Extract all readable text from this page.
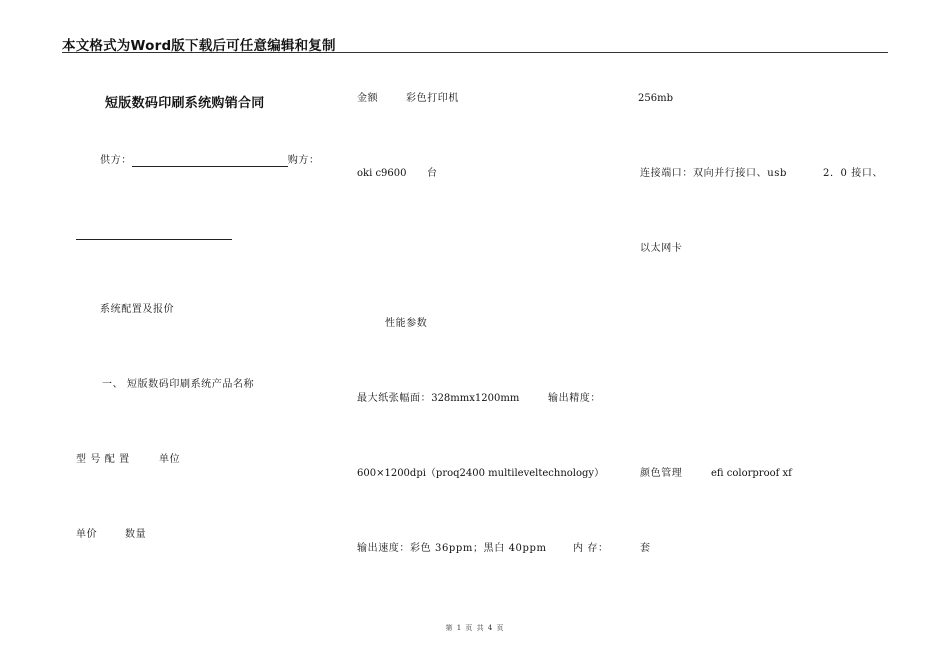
本文格式为Word版下载后可任意编辑和复制
短版数码印刷系统购销合同
供方：	购方：
系统配置及报价
一、 短版数码印刷系统产品名称
型 号 配 置	单位
单价	数量
金额	彩色打印机
oki c9600 台
性能参数
最大纸张幅面：328mmx1200mm	输出精度：
600×1200dpi（proq2400 multileveltechnology）
输出速度：彩色 36ppm；黑白 40ppm	内 存：
256mb
连接端口：双向并行接口、usb	2．0 接口、
以太网卡
颜色管理	efi colorproof xf
套
第 1 页 共 4 页
